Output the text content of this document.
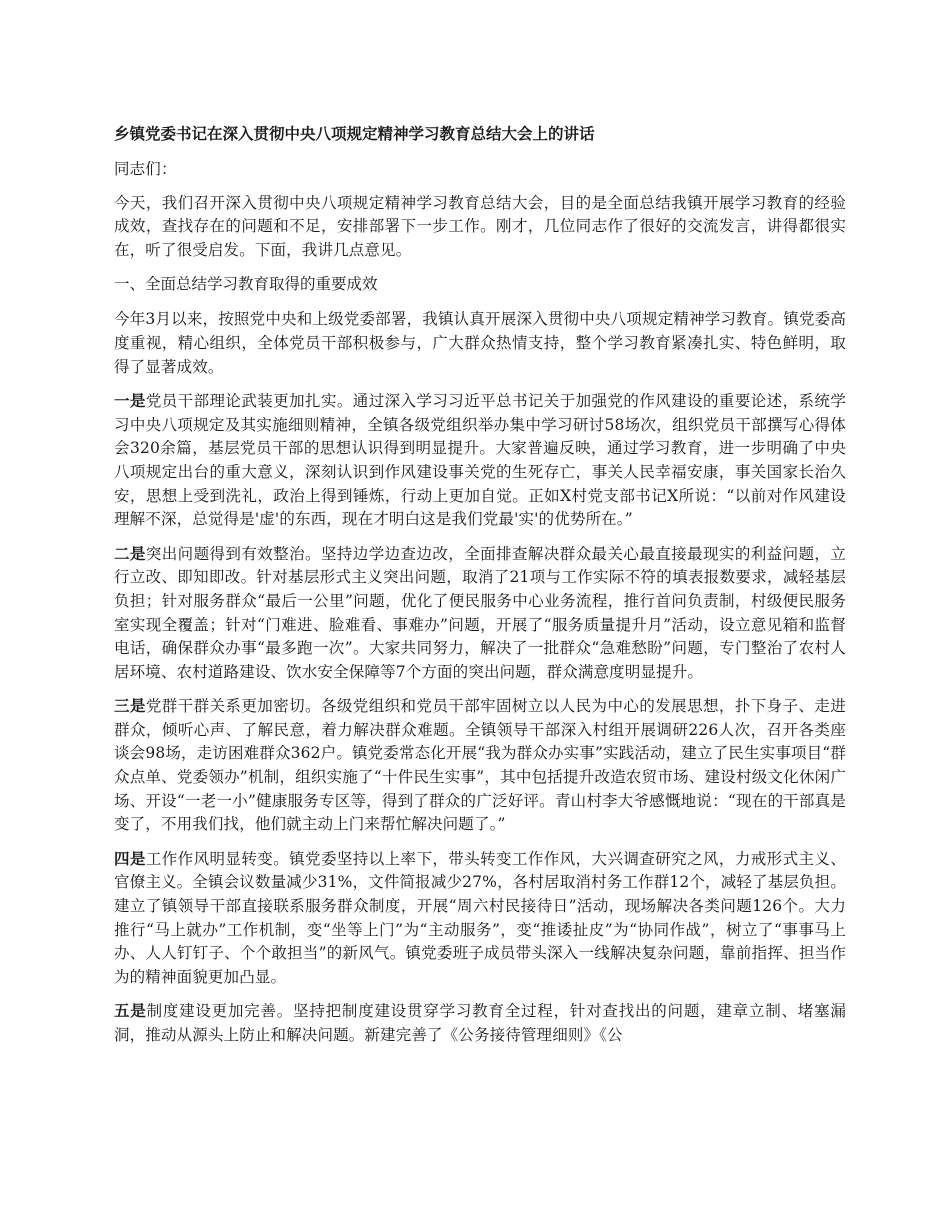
乡镇党委书记在深入贯彻中央八项规定精神学习教育总结大会上的讲话

同志们：

今天，我们召开深入贯彻中央八项规定精神学习教育总结大会，目的是全面总结我镇开展学习教育的经验成效，查找存在的问题和不足，安排部署下一步工作。刚才，几位同志作了很好的交流发言，讲得都很实在，听了很受启发。下面，我讲几点意见。

一、全面总结学习教育取得的重要成效

今年3月以来，按照党中央和上级党委部署，我镇认真开展深入贯彻中央八项规定精神学习教育。镇党委高度重视，精心组织，全体党员干部积极参与，广大群众热情支持，整个学习教育紧凑扎实、特色鲜明，取得了显著成效。

一是党员干部理论武装更加扎实。通过深入学习习近平总书记关于加强党的作风建设的重要论述，系统学习中央八项规定及其实施细则精神，全镇各级党组织举办集中学习研讨58场次，组织党员干部撰写心得体会320余篇，基层党员干部的思想认识得到明显提升。大家普遍反映，通过学习教育，进一步明确了中央八项规定出台的重大意义，深刻认识到作风建设事关党的生死存亡，事关人民幸福安康，事关国家长治久安，思想上受到洗礼，政治上得到锤炼，行动上更加自觉。正如X村党支部书记X所说：“以前对作风建设理解不深，总觉得是'虚'的东西，现在才明白这是我们党最'实'的优势所在。”

二是突出问题得到有效整治。坚持边学边查边改，全面排查解决群众最关心最直接最现实的利益问题，立行立改、即知即改。针对基层形式主义突出问题，取消了21项与工作实际不符的填表报数要求，减轻基层负担；针对服务群众“最后一公里”问题，优化了便民服务中心业务流程，推行首问负责制，村级便民服务室实现全覆盖；针对“门难进、脸难看、事难办”问题，开展了“服务质量提升月”活动，设立意见箱和监督电话，确保群众办事“最多跑一次”。大家共同努力，解决了一批群众“急难愁盼”问题，专门整治了农村人居环境、农村道路建设、饮水安全保障等7个方面的突出问题，群众满意度明显提升。

三是党群干群关系更加密切。各级党组织和党员干部牢固树立以人民为中心的发展思想，扑下身子、走进群众，倾听心声、了解民意，着力解决群众难题。全镇领导干部深入村组开展调研226人次，召开各类座谈会98场，走访困难群众362户。镇党委常态化开展“我为群众办实事”实践活动，建立了民生实事项目“群众点单、党委领办”机制，组织实施了“十件民生实事”，其中包括提升改造农贸市场、建设村级文化休闲广场、开设“一老一小”健康服务专区等，得到了群众的广泛好评。青山村李大爷感慨地说：“现在的干部真是变了，不用我们找，他们就主动上门来帮忙解决问题了。”

四是工作作风明显转变。镇党委坚持以上率下，带头转变工作作风，大兴调查研究之风，力戒形式主义、官僚主义。全镇会议数量减少31%，文件简报减少27%，各村居取消村务工作群12个，减轻了基层负担。建立了镇领导干部直接联系服务群众制度，开展“周六村民接待日”活动，现场解决各类问题126个。大力推行“马上就办”工作机制，变“坐等上门”为“主动服务”，变“推诿扯皮”为“协同作战”，树立了“事事马上办、人人钉钉子、个个敢担当”的新风气。镇党委班子成员带头深入一线解决复杂问题，靠前指挥、担当作为的精神面貌更加凸显。

五是制度建设更加完善。坚持把制度建设贯穿学习教育全过程，针对查找出的问题，建章立制、堵塞漏洞，推动从源头上防止和解决问题。新建完善了《公务接待管理细则》《公
